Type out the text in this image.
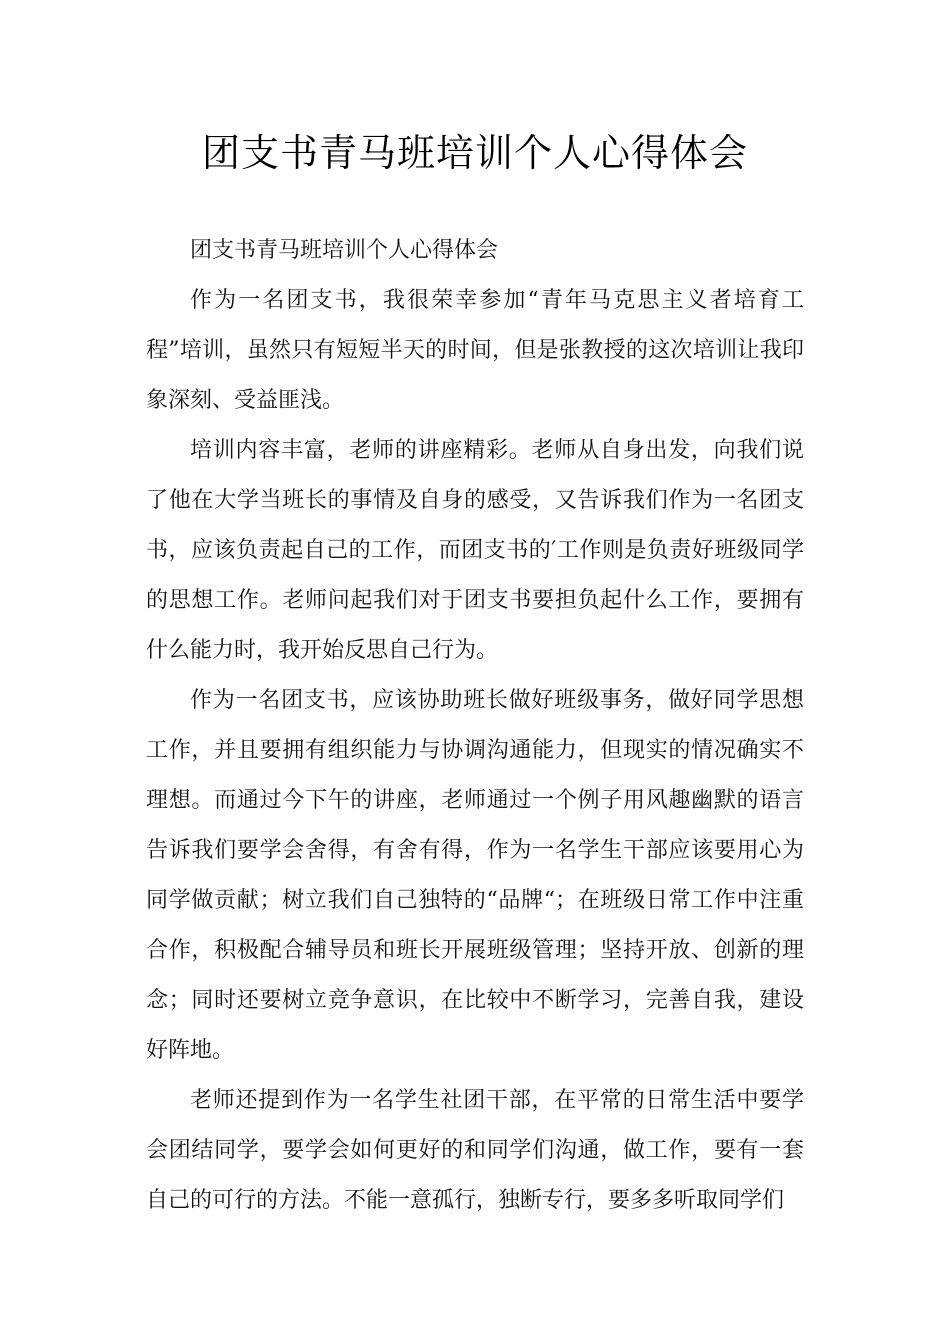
团支书青马班培训个人心得体会

团支书青马班培训个人心得体会

作为一名团支书，我很荣幸参加“青年马克思主义者培育工程”培训，虽然只有短短半天的时间，但是张教授的这次培训让我印象深刻、受益匪浅。

培训内容丰富，老师的讲座精彩。老师从自身出发，向我们说了他在大学当班长的事情及自身的感受，又告诉我们作为一名团支书，应该负责起自己的工作，而团支书的′工作则是负责好班级同学的思想工作。老师问起我们对于团支书要担负起什么工作，要拥有什么能力时，我开始反思自己行为。

作为一名团支书，应该协助班长做好班级事务，做好同学思想工作，并且要拥有组织能力与协调沟通能力，但现实的情况确实不理想。而通过今下午的讲座，老师通过一个例子用风趣幽默的语言告诉我们要学会舍得，有舍有得，作为一名学生干部应该要用心为同学做贡献；树立我们自己独特的“品牌“；在班级日常工作中注重合作，积极配合辅导员和班长开展班级管理；坚持开放、创新的理念；同时还要树立竞争意识，在比较中不断学习，完善自我，建设好阵地。

老师还提到作为一名学生社团干部，在平常的日常生活中要学会团结同学，要学会如何更好的和同学们沟通，做工作，要有一套自己的可行的方法。不能一意孤行，独断专行，要多多听取同学们
